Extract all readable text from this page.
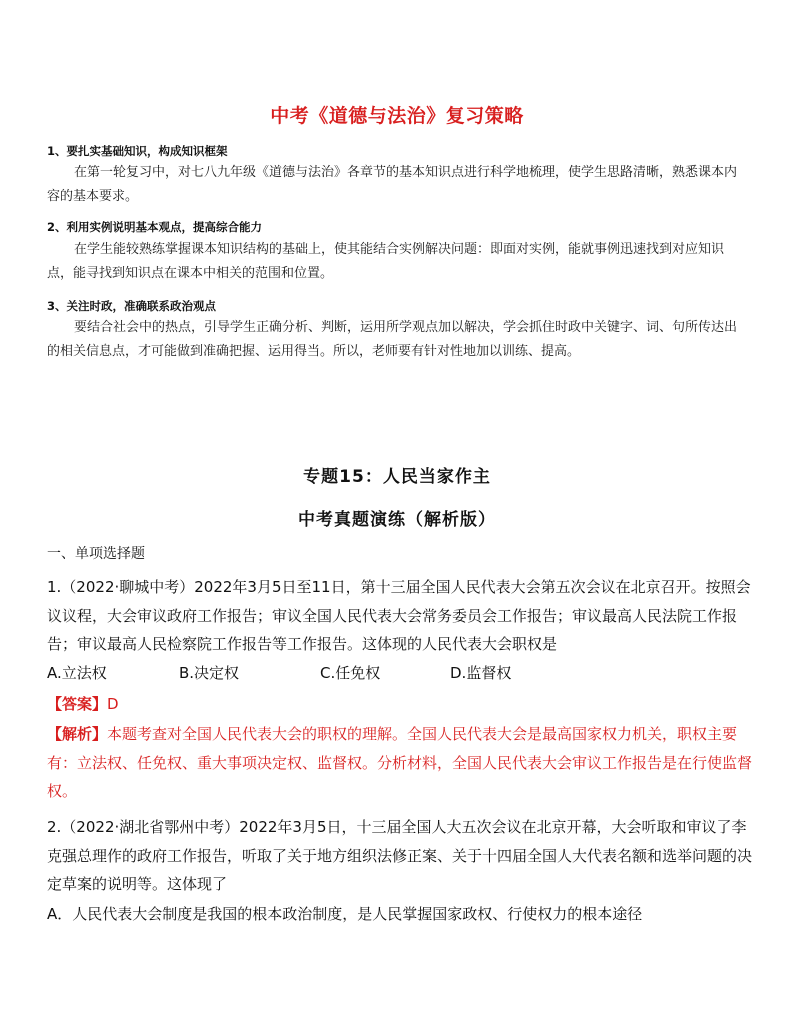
中考《道德与法治》复习策略
1、要扎实基础知识，构成知识框架
在第一轮复习中，对七八九年级《道德与法治》各章节的基本知识点进行科学地梳理，使学生思路清晰，熟悉课本内容的基本要求。
2、利用实例说明基本观点，提高综合能力
在学生能较熟练掌握课本知识结构的基础上，使其能结合实例解决问题：即面对实例，能就事例迅速找到对应知识点，能寻找到知识点在课本中相关的范围和位置。
3、关注时政，准确联系政治观点
要结合社会中的热点，引导学生正确分析、判断，运用所学观点加以解决，学会抓住时政中关键字、词、句所传达出的相关信息点，才可能做到准确把握、运用得当。所以，老师要有针对性地加以训练、提高。
专题15：人民当家作主
中考真题演练（解析版）
一、单项选择题
1.（2022·聊城中考）2022年3月5日至11日，第十三届全国人民代表大会第五次会议在北京召开。按照会议议程，大会审议政府工作报告；审议全国人民代表大会常务委员会工作报告；审议最高人民法院工作报告；审议最高人民检察院工作报告等工作报告。这体现的人民代表大会职权是
A.立法权	B.决定权	C.任免权	D.监督权
【答案】D
【解析】本题考查对全国人民代表大会的职权的理解。全国人民代表大会是最高国家权力机关，职权主要有：立法权、任免权、重大事项决定权、监督权。分析材料，全国人民代表大会审议工作报告是在行使监督权。
2.（2022·湖北省鄂州中考）2022年3月5日，十三届全国人大五次会议在北京开幕，大会听取和审议了李克强总理作的政府工作报告，听取了关于地方组织法修正案、关于十四届全国人大代表名额和选举问题的决定草案的说明等。这体现了
A．人民代表大会制度是我国的根本政治制度，是人民掌握国家政权、行使权力的根本途径
